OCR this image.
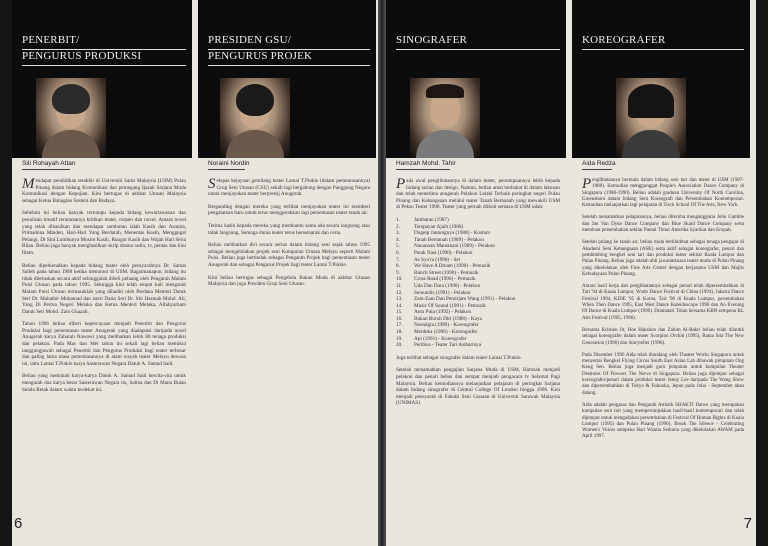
PENERBIT/
PENGURUS PRODUKSI
Siti Rohayah Attan

Mendapat pendidikan terakhir di Universiti Sains Malaysia (USM) Pulau Pinang dalam bidang Komunikasi dan pemegang Ijazah Sarjana Muda Komunikasi dengan Kepujian. Kini bertugas di akhbar Utusan Malaysia sebagai Ketua Bahagian Sastera dan Budaya.

Sebelum ini beliau banyak tertumpu kepada bidang kewartawanan dan penulisan kreatif terutamanya kritikan teater, cerpen dan novel. Antara novel yang telah dihasilkan dan mendapat sambutan ialah Kasih dan Asmara, Primadona Minden, Hari-Hari Yang Berdarah, Menentas Kasih, Menggugat Pelangi, Di Sini Lumbunya Musim Kasih, Rungut Kasih dan Wajah Hati Seria Bilan. Beliau juga banyak menghasilkan skrip drama radio, tv, pentas dan kini filem.

Beliau diperkenalkan kepada bidang teater oleh pensyarahnya Dr. Samat Salleh pada tahun 1988 ketika menuntut di USM. Bagaimanapun, bidang itu tidak diteruskan secara aktif sehinggalah dibeli peluang oleh Pengarah Malam Puisi Utusan pada tahun 1995. Sehingga kini telah empat kali mengarah Malam Puisi Utusan termasuklah yang dihadiri oleh Perdana Menteri Datuk Seri Dr. Mahathir Mohamad dan isteri Datin Seri Dr. Siti Hasmah Mohd. Ali, Yang Di Pertua Negeri Melaka dan Ketua Menteri Melaka, Allahyarham Datuk Seri Mohd. Zain Ghazali.

Tahun 1996 beliau diberi kepercayaan menjadi Penerbit dan Pengurus Produksi bagi pementasan teater Anugerah yang diadaptasi daripada novel Anugerah karya Zaharah Nawawi yang melibatkan lebih 80 tenaga produksi dan pelakon. Pada Mac dan Mei tahun ini sekali lagi beliau memikul tanggungjawab sebagai Penerbit dan Pengurus Produksi bagi teater terbesar dan paling lama masa pementasannya di alam wayah teater Melayu dewasa ini, iaitu Lantai T.Pinkie karya Sasterawan Negara Datuk A. Samad Said.

Beliau yang meminati karya-karya Datuk A. Samad Said bercita-cita untuk mengarah dua karya besar Sasterawan Negara itu, Salina dan Di Mana Bulan Selalu Retak dalam waktu terdekat ini.

PRESIDEN GSU/
PENGURUS PROJEK
Noraini Nordin

Selepas kejayaan gemilang teater Lantai T.Pinkie (dalam pementasannya) Grup Seni Utusan (GSU) sekali lagi bergabung dengan Panggung Negara untuk menjayakan teater berprestij Anugerah.

Berganding dengan mereka yang terlibat menjayakan teater ini memberi pengalaman baru untuk terus menggerakkan lagi pementasan teater tanah air.

Terima kasih kepada mereka yang membantu sama ada secara langsung atau tidak langsung. Semoga dunia teater terus bersemarak dan ceria.

Beliau melibatkan diri secara serius dalam bidang seni sejak tahun 1995 sebagai mengelolakan projek seni Kumpulan Utusan Melayu seperti Malam Puisi. Beliau juga bertindak sebagai Pengarah Projek bagi pementasan teater Anugerah dan sebagai Pengurus Projek bagi teater Lantai T.Pinkie.

Kini beliau bertugas sebagai Pengelola Rakan Muda di akhbar Utusan Malaysia dan juga Presiden Grup Seni Utusan.

6
SINOGRAFER
Hamzah Mohd. Tahir

Pada awal penglibatannya di dalam teater, penumpuannya lebih kepada bidang tarian dan design. Namun, beliau amat berbakat di dalam lakonan dan telah menerima anugerah Pelakon Lelaki Terbaik peringkat negeri Pulau Pinang dan Kebangsaan melalui teater Tanah Bernanah yang mewakili USM di Peksn Teater 1990. Teater yang pernah diikuti semasa di USM ialah:

1.	Jambatan (1987)
2.	Tempayan Ajaib (1988)
3.	Dogeip Jantungnya (1988) - Kostum
4.	Tanah Bernanah (1989) - Pelakon
5.	Nanannan Mantanani (1989) - Pelakon
6.	Petak Nasi (1990) - Pelakon
7.	As Syu'ra (1990) - Set
8.	We Have A Dream (1990) - Pemuzik
9.	Bunch Street (1990) - Pemuzik
10.	Cross Road (1990) - Pemuzik
11.	Uda Dan Dara (1990) - Pelakon
12.	Semundis (1991) - Pelakon
13.	Zam-Zam Dan Pemirjam Wang (1991) - Pelakon
14.	Music Of Sound (1991) - Pemuzik
15.	Antu Pula (1992) - Pelakon
16.	Bukan Buruh Diri (1988) - Kayu
17.	Nostalgia (1989) - Koreografer
18.	Merdeka (1990) - Koreografer
19.	Api (1991) - Koreografer
20.	Peribisa - Teater Tari Asiharinya

Juga terlibat sebagai sinografer dalam teater Lantai T.Pinkie.

Setelah menamatkan pengajian Sarjana Muda di USM, Hamzah menjadi pelakon dan penari bebas dan sempat menjadi pengacara tv Selamat Pagi Malaysia. Beliau kemudiannya melanjutkan pelajaran di peringkat Sarjana dalam bidang sinografer di Central College Of London hingga 1996. Kini menjadi pensyarah di Fakulti Seni Gunaan di Universiti Sarawak Malaysia (UNIMAS).

KOREOGRAFER
Aida Redza

Penglibatannya bermula dalam bidang seni tari dan teater di USM (1987-1988). Kemudian menggunggat People's Association Dance Company di Singapura (1988-1990). Beliau adalah graduan University Of North Carolina, Greensboro dalam bidang Seni Koreografi dan Persembahan Kontemporari. Kemudian melanjutkan lagi pelajaran di Tisch School Of The Arts, New York.

Setelah menamatkan pelajarannya, beliau diterima menganggotai John Gamble dan Jan Van Dyke Dance Company dan Blue Skaid Dance Company serta membuat persembahan sekitar Pantai Timur Amerika Syarikat dan Eropah.

Setelah pulang ke tanah air, beliau mula berkhidmat sebagai tenaga pengajar di Akademi Seni Kebangsaan (ASK) serta aktif sebagai koreografer, penari dan pembimbing bengkel seni tari dan produksi teater sekitar Kuala Lumpur dan Pulau Pinang. Beliau juga adalah ahli jawatankuasa teater muda di Pulau Pinang yang dikelolakan oleh Fine Arts Center dengan kerjasama USM dan Majlis Kebudayaan Pulau Pinang.

Antara hasil kerja dan penglibatannya sebagai penari telah dipersembahkan di Tari '94 di Kuala Lumpur, Wudo Dance Festival di China (1994), Jakarta Dance Festival 1994, KIDE '95 di Korea, Tari '96 di Kuala Lumpur, persembahan When Then Dance 1995, East West Dance Kaleidoscope 1996 dan An Evening Of Dance di Kuala Lumpur (1996). Dramatari Titian bersama KBN sempena KL Arts Festival (1995, 1996).

Bersama Krishen Jit, Hoe Hakshon dan Zahim Al-Bakri beliau telah dilantik sebagai koreografer dalam teater Scorpion Orchid (1995), Rama Sita The New Generation (1996) dan Storyteller (1996).

Pada Disember 1996 Aida telah diundang oleh Theater Works Singapura untuk menyertai Bengkel Flying Circus South East Asian Lab dibawah pimpinan Ong Keng Sen. Beliau juga menjadi guru jemputan untuk kumpulan Theater Destinies Of Flowers The Nerve di Singapura. Beliau juga dijemput sebagai koreografer/penari dalam produksi teater Jenny Lee daripada The Wang Show dan dipersembahkan di Tokyo & Fukuoka, Jepun pada Julai - September akan datang.

Aida adalah pengasas dan Pengarah Artistik SHAKTI Dance yang merupakan kumpulan seni tari yang mempertunjukkan hasil-hasil kontemporari dan telah dijemput untuk mengadakan persembahan di Festival Of Human Rights di Kuala Lumpur (1995) dan Pulau Pinang (1996), Break The Silence - Celebrating Women's Voices sempena Hari Wanita Sedunia yang dikelolakan AWAM pada April 1997.

7
